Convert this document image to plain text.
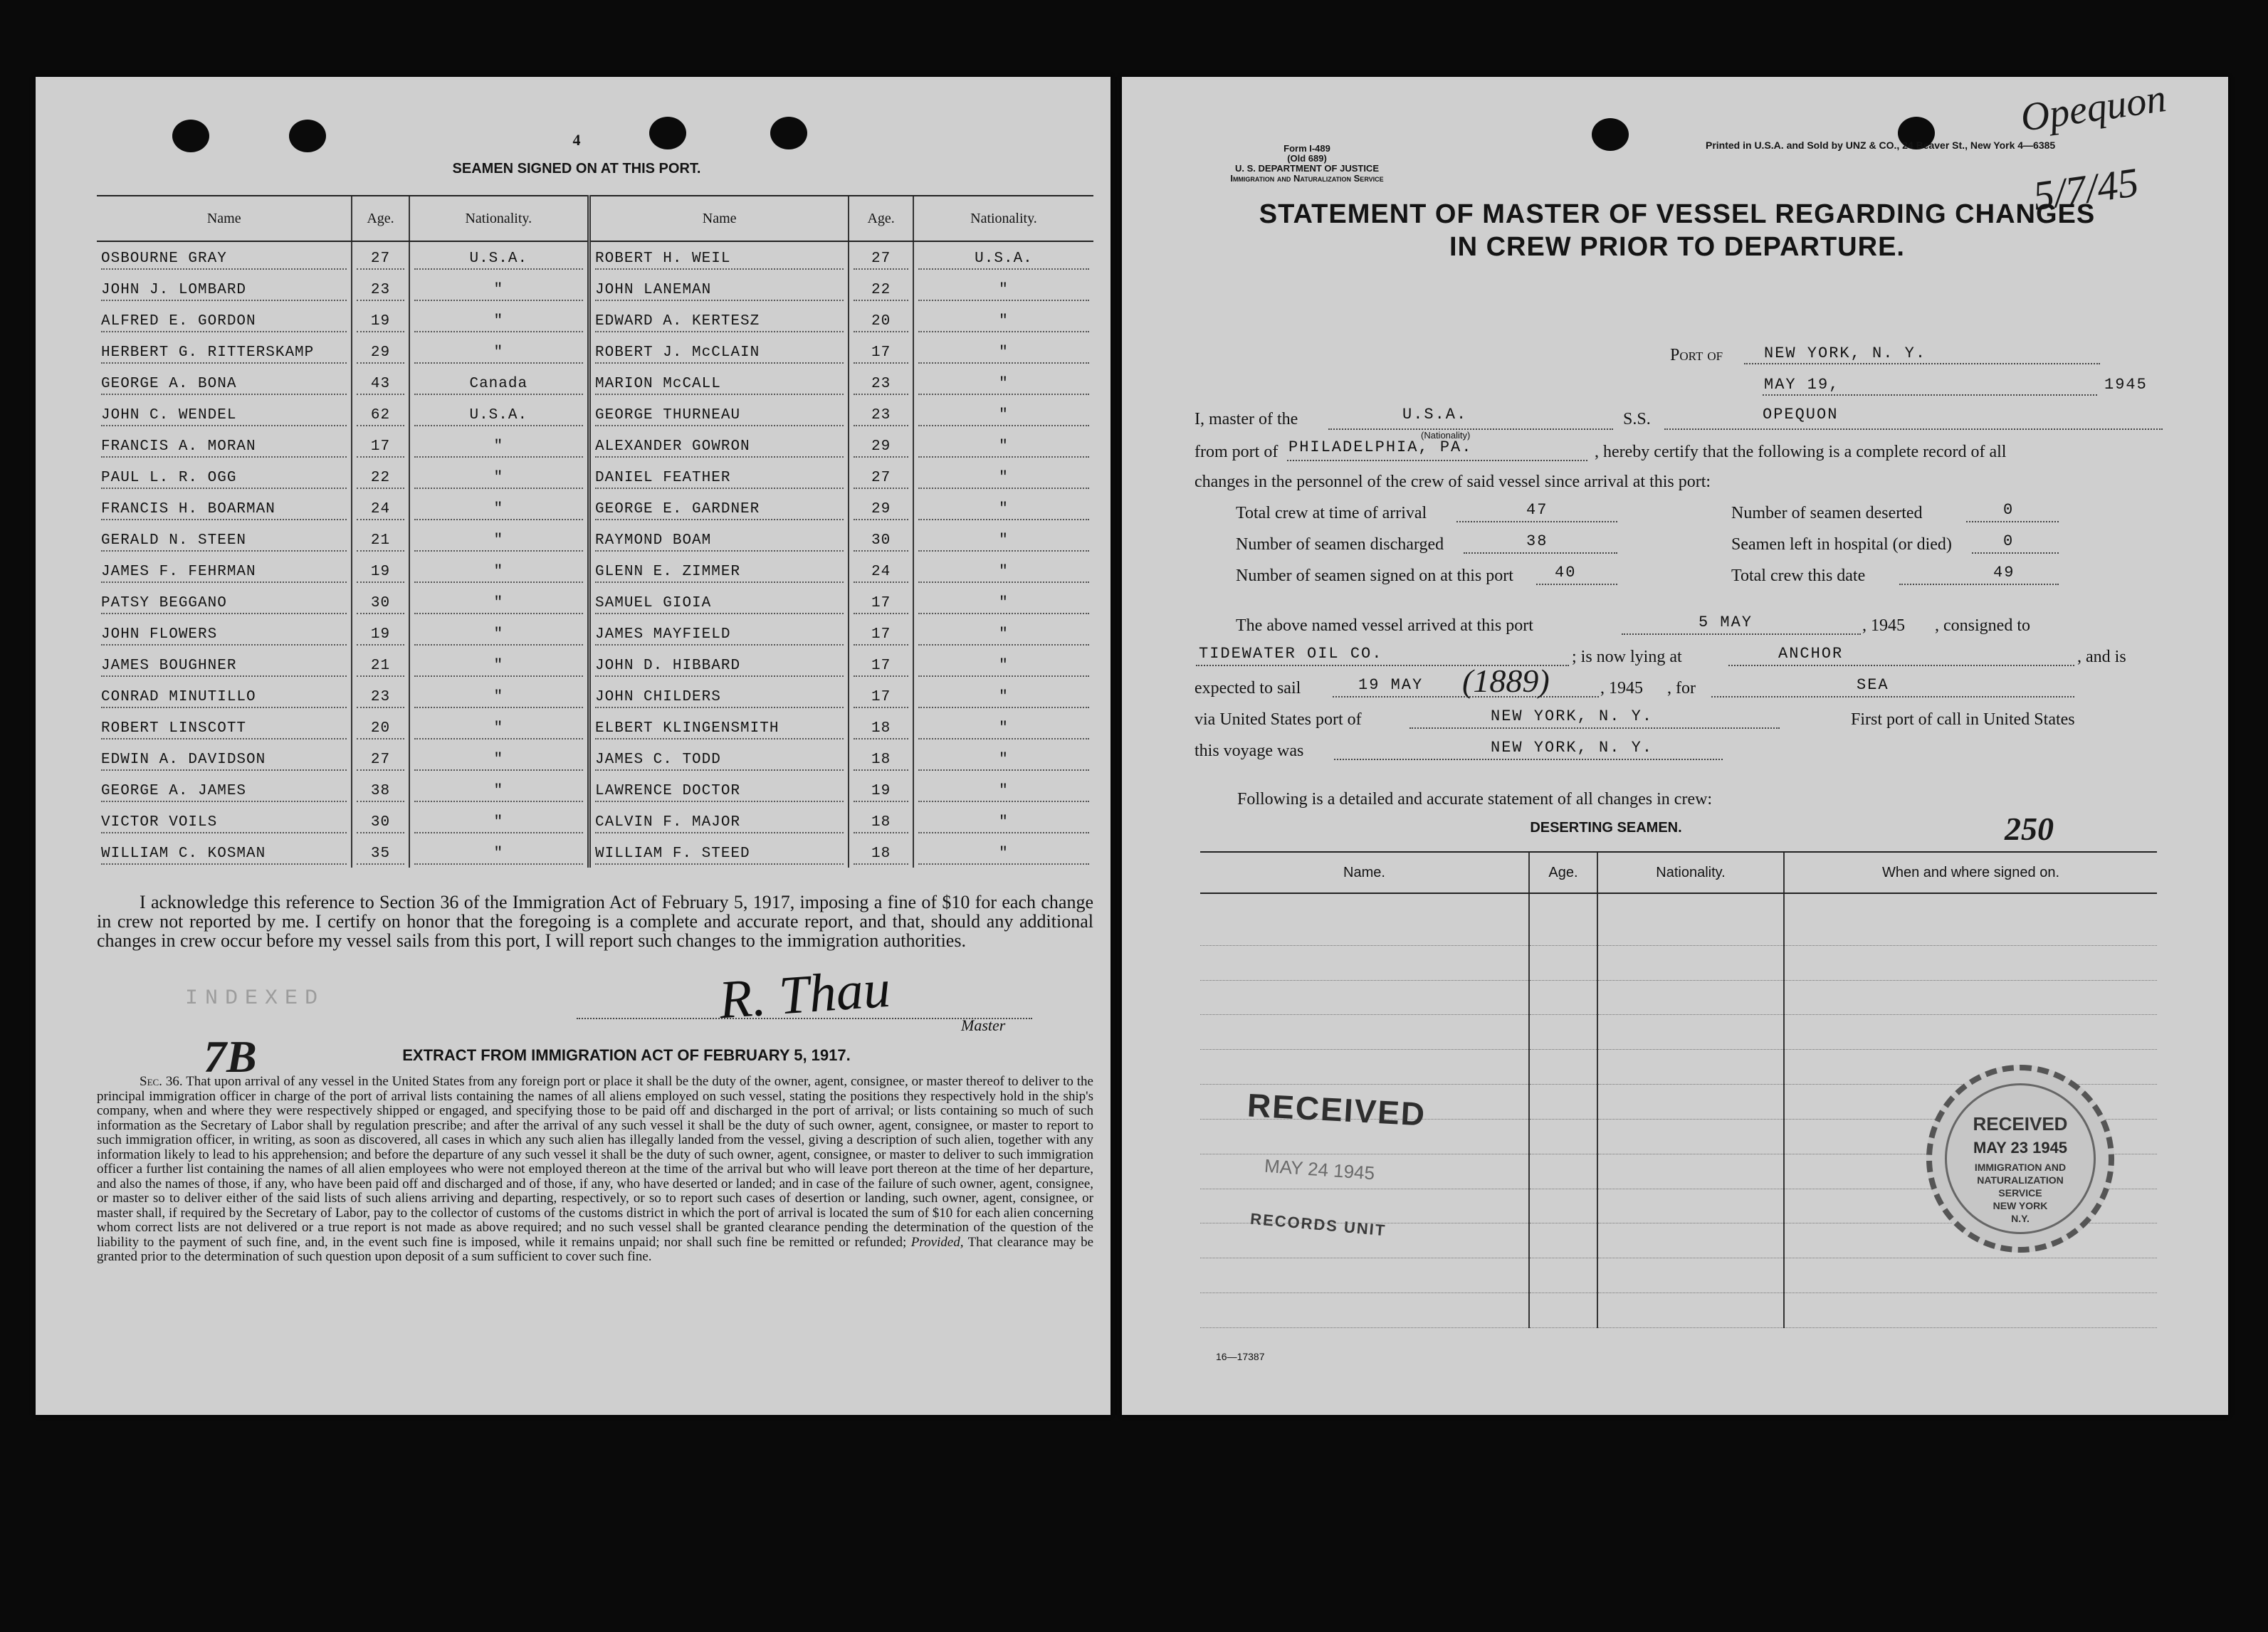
4
SEAMEN SIGNED ON AT THIS PORT.
Name	Age.	Nationality.	Name	Age.	Nationality.

OSBOURNE GRAY	27	U.S.A.	ROBERT H. WEIL	27	U.S.A.

JOHN J. LOMBARD	23	"	JOHN LANEMAN	22	"

ALFRED E. GORDON	19	"	EDWARD A. KERTESZ	20	"

HERBERT G. RITTERSKAMP	29	"	ROBERT J. McCLAIN	17	"

GEORGE A. BONA	43	Canada	MARION McCALL	23	"

JOHN C. WENDEL	62	U.S.A.	GEORGE THURNEAU	23	"

FRANCIS A. MORAN	17	"	ALEXANDER GOWRON	29	"

PAUL L. R. OGG	22	"	DANIEL FEATHER	27	"

FRANCIS H. BOARMAN	24	"	GEORGE E. GARDNER	29	"

GERALD N. STEEN	21	"	RAYMOND BOAM	30	"

JAMES F. FEHRMAN	19	"	GLENN E. ZIMMER	24	"

PATSY BEGGANO	30	"	SAMUEL GIOIA	17	"

JOHN FLOWERS	19	"	JAMES MAYFIELD	17	"

JAMES BOUGHNER	21	"	JOHN D. HIBBARD	17	"

CONRAD MINUTILLO	23	"	JOHN CHILDERS	17	"

ROBERT LINSCOTT	20	"	ELBERT KLINGENSMITH	18	"

EDWIN A. DAVIDSON	27	"	JAMES C. TODD	18	"

GEORGE A. JAMES	38	"	LAWRENCE DOCTOR	19	"

VICTOR VOILS	30	"	CALVIN F. MAJOR	18	"

WILLIAM C. KOSMAN	35	"	WILLIAM F. STEED	18	"
I acknowledge this reference to Section 36 of the Immigration Act of February 5, 1917, imposing a fine of $10 for each change in crew not reported by me. I certify on honor that the foregoing is a complete and accurate report, and that, should any additional changes in crew occur before my vessel sails from this port, I will report such changes to the immigration authorities.
INDEXED
7B
R. Thau	Master
EXTRACT FROM IMMIGRATION ACT OF FEBRUARY 5, 1917.
Sec. 36. That upon arrival of any vessel in the United States from any foreign port or place it shall be the duty of the owner, agent, consignee, or master thereof to deliver to the principal immigration officer in charge of the port of arrival lists containing the names of all aliens employed on such vessel, stating the positions they respectively hold in the ship's company, when and where they were respectively shipped or engaged, and specifying those to be paid off and discharged in the port of arrival; or lists containing so much of such information as the Secretary of Labor shall by regulation prescribe; and after the arrival of any such vessel it shall be the duty of such owner, agent, consignee, or master to report to such immigration officer, in writing, as soon as discovered, all cases in which any such alien has illegally landed from the vessel, giving a description of such alien, together with any information likely to lead to his apprehension; and before the departure of any such vessel it shall be the duty of such owner, agent, consignee, or master to deliver to such immigration officer a further list containing the names of all alien employees who were not employed thereon at the time of the arrival but who will leave port thereon at the time of her departure, and also the names of those, if any, who have been paid off and discharged and of those, if any, who have deserted or landed; and in case of the failure of such owner, agent, consignee, or master so to deliver either of the said lists of such aliens arriving and departing, respectively, or so to report such cases of desertion or landing, such owner, agent, consignee, or master shall, if required by the Secretary of Labor, pay to the collector of customs of the customs district in which the port of arrival is located the sum of $10 for each alien concerning whom correct lists are not delivered or a true report is not made as above required; and no such vessel shall be granted clearance pending the determination of the question of the liability to the payment of such fine, and, in the event such fine is imposed, while it remains unpaid; nor shall such fine be remitted or refunded; Provided, That clearance may be granted prior to the determination of such question upon deposit of a sum sufficient to cover such fine.
Form I-489
(Old 689)
U. S. DEPARTMENT OF JUSTICE
Immigration and Naturalization Service
Printed in U.S.A. and Sold by UNZ & CO., 24 Beaver St., New York 4—6385
Opequon
5/7/45
STATEMENT OF MASTER OF VESSEL REGARDING CHANGES
IN CREW PRIOR TO DEPARTURE.
Port of	NEW YORK, N. Y.
MAY 19,	1945
I, master of the	U.S.A.
(Nationality)
S.S.	OPEQUON
from port of PHILADELPHIA, PA.	, hereby certify that the following is a complete record of all
changes in the personnel of the crew of said vessel since arrival at this port:
Total crew at time of arrival	47	Number of seamen deserted	0
Number of seamen discharged	38	Seamen left in hospital (or died)	0
Number of seamen signed on at this port	40	Total crew this date	49
The above named vessel arrived at this port	5 MAY	, 1945 , consigned to
TIDEWATER OIL CO.	; is now lying at	ANCHOR	, and is
expected to sail	19 MAY (1889)	, 1945 , for	SEA
via United States port of	NEW YORK, N. Y.	First port of call in United States
this voyage was	NEW YORK, N. Y.
Following is a detailed and accurate statement of all changes in crew:
DESERTING SEAMEN.	250
Name.	Age.	Nationality.	When and where signed on.

RECEIVED
MAY 24 1945
RECORDS UNIT
RECEIVED
MAY 23 1945
IMMIGRATION AND
NATURALIZATION
SERVICE
NEW YORK
N.Y.
16—17387
